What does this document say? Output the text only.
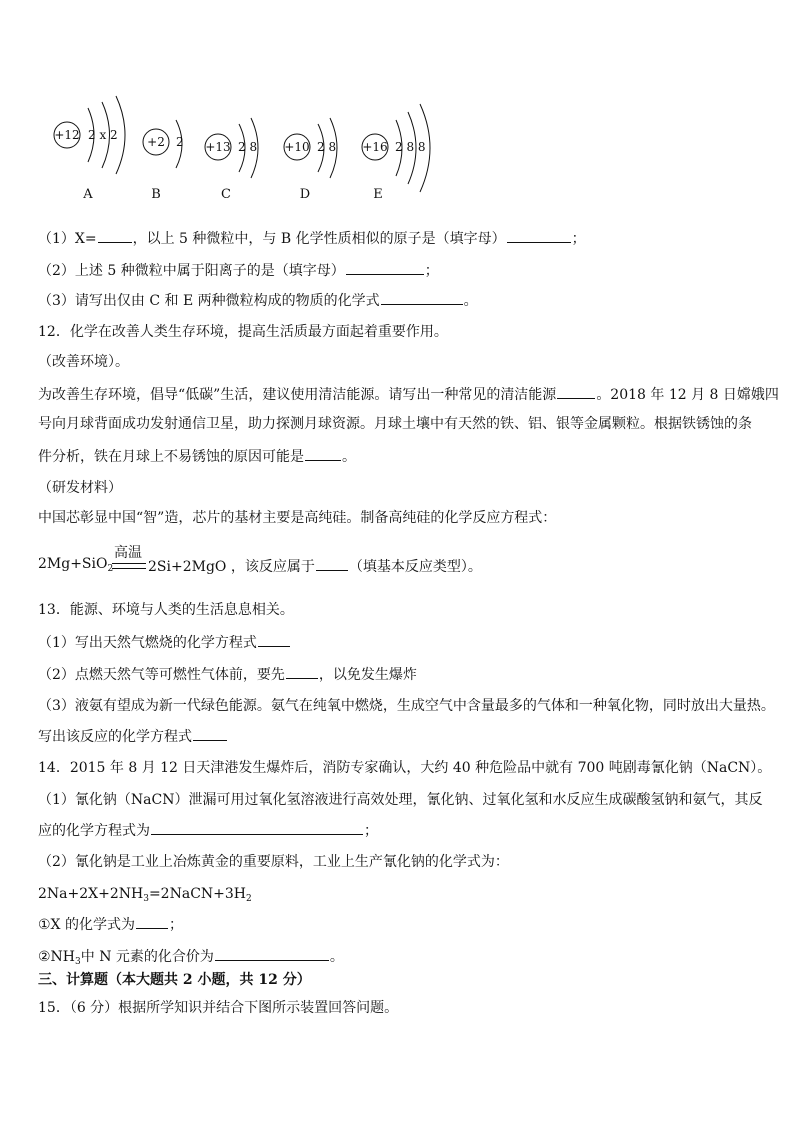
+12 2 x 2 +2 2 +13 2 8 +10 2 8 +16 2 8 8
A	B	C	D	E
（1）X=	，以上 5 种微粒中，与 B 化学性质相似的原子是（填字母）	；
（2）上述 5 种微粒中属于阳离子的是（填字母）	；
（3）请写出仅由 C 和 E 两种微粒构成的物质的化学式	。
12．化学在改善人类生存环境，提高生活质最方面起着重要作用。
（改善环境）。
为改善生存环境，倡导“低碳”生活，建议使用清洁能源。请写出一种常见的清洁能源	。2018 年 12 月 8 日嫦娥四
号向月球背面成功发射通信卫星，助力探测月球资源。月球土壤中有天然的铁、铝、银等金属颗粒。根据铁锈蚀的条
件分析，铁在月球上不易锈蚀的原因可能是	。
（研发材料）
中国芯彰显中国“智”造，芯片的基材主要是高纯硅。制备高纯硅的化学反应方程式：
2Mg+SiO$_2$
高温
2Si+2MgO ，该反应属于 （填基本反应类型）。
13．能源、环境与人类的生活息息相关。
（1）写出天然气燃烧的化学方程式
（2）点燃天然气等可燃性气体前，要先 ，以免发生爆炸
（3）液氨有望成为新一代绿色能源。氨气在纯氧中燃烧，生成空气中含量最多的气体和一种氧化物，同时放出大量热。
写出该反应的化学方程式
14．2015 年 8 月 12 日天津港发生爆炸后，消防专家确认，大约 40 种危险品中就有 700 吨剧毒氰化钠（NaCN）。
（1）氰化钠（NaCN）泄漏可用过氧化氢溶液进行高效处理，氰化钠、过氧化氢和水反应生成碳酸氢钠和氨气，其反
应的化学方程式为	；
（2）氰化钠是工业上冶炼黄金的重要原料，工业上生产氰化钠的化学式为：
$2Na+2X+2NH_3=2NaCN+3H_2$
①X 的化学式为 ；
$②NH_3$中 N 元素的化合价为	。
三、计算题（本大题共 2 小题，共 12 分）
15．（6 分）根据所学知识并结合下图所示装置回答问题。
